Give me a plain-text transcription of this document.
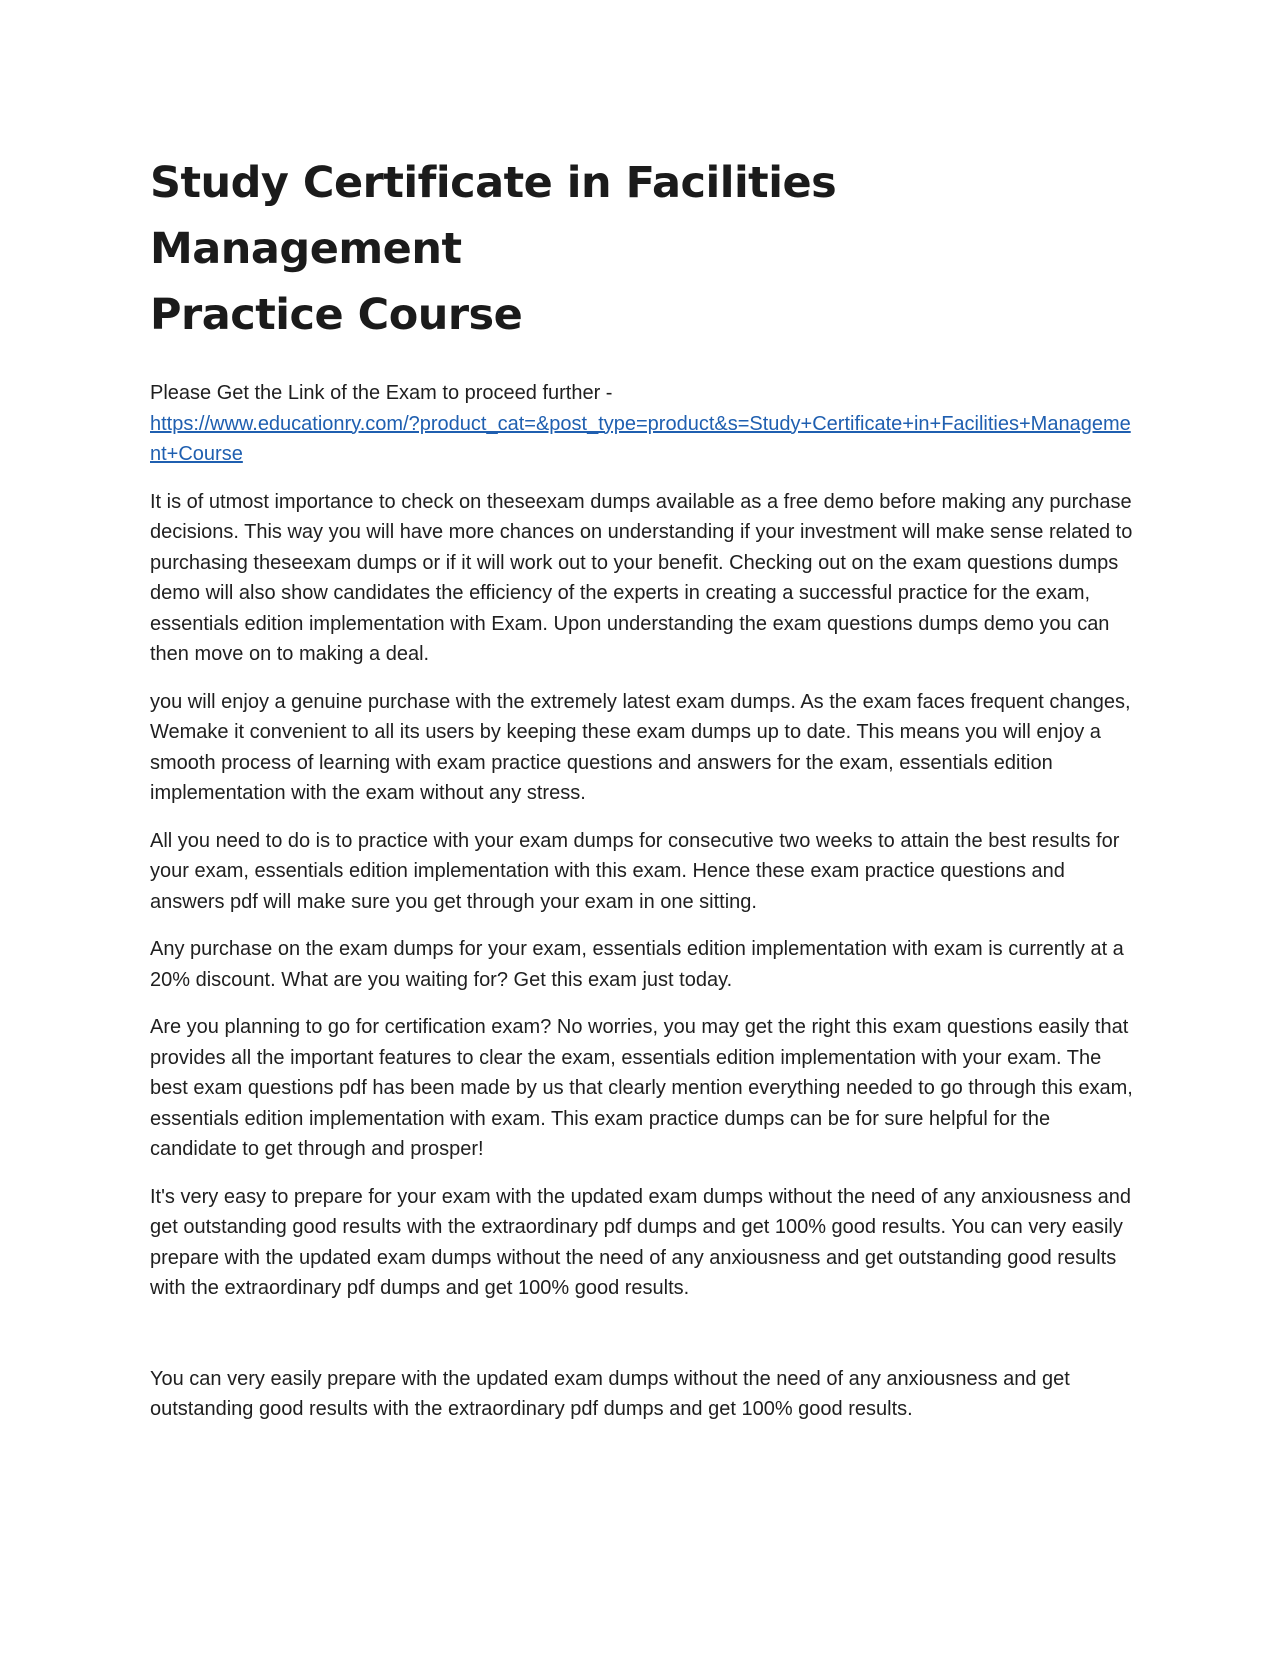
Study Certificate in Facilities Management
Practice Course

Please Get the Link of the Exam to proceed further -
https://www.educationry.com/?product_cat=&post_type=product&s=Study+Certificate+in+Facilities+Management+Course

It is of utmost importance to check on theseexam dumps available as a free demo before making any purchase decisions. This way you will have more chances on understanding if your investment will make sense related to purchasing theseexam dumps or if it will work out to your benefit. Checking out on the exam questions dumps demo will also show candidates the efficiency of the experts in creating a successful practice for the exam, essentials edition implementation with Exam. Upon understanding the exam questions dumps demo you can then move on to making a deal.

you will enjoy a genuine purchase with the extremely latest exam dumps. As the exam faces frequent changes, Wemake it convenient to all its users by keeping these exam dumps up to date. This means you will enjoy a smooth process of learning with exam practice questions and answers for the exam, essentials edition implementation with the exam without any stress.

All you need to do is to practice with your exam dumps for consecutive two weeks to attain the best results for your exam, essentials edition implementation with this exam. Hence these exam practice questions and answers pdf will make sure you get through your exam in one sitting.

Any purchase on the exam dumps for your exam, essentials edition implementation with exam is currently at a 20% discount. What are you waiting for? Get this exam just today.

Are you planning to go for certification exam? No worries, you may get the right this exam questions easily that provides all the important features to clear the exam, essentials edition implementation with your exam. The best exam questions pdf has been made by us that clearly mention everything needed to go through this exam, essentials edition implementation with exam. This exam practice dumps can be for sure helpful for the candidate to get through and prosper!

It's very easy to prepare for your exam with the updated exam dumps without the need of any anxiousness and get outstanding good results with the extraordinary pdf dumps and get 100% good results. You can very easily prepare with the updated exam dumps without the need of any anxiousness and get outstanding good results with the extraordinary pdf dumps and get 100% good results.

You can very easily prepare with the updated exam dumps without the need of any anxiousness and get outstanding good results with the extraordinary pdf dumps and get 100% good results.
